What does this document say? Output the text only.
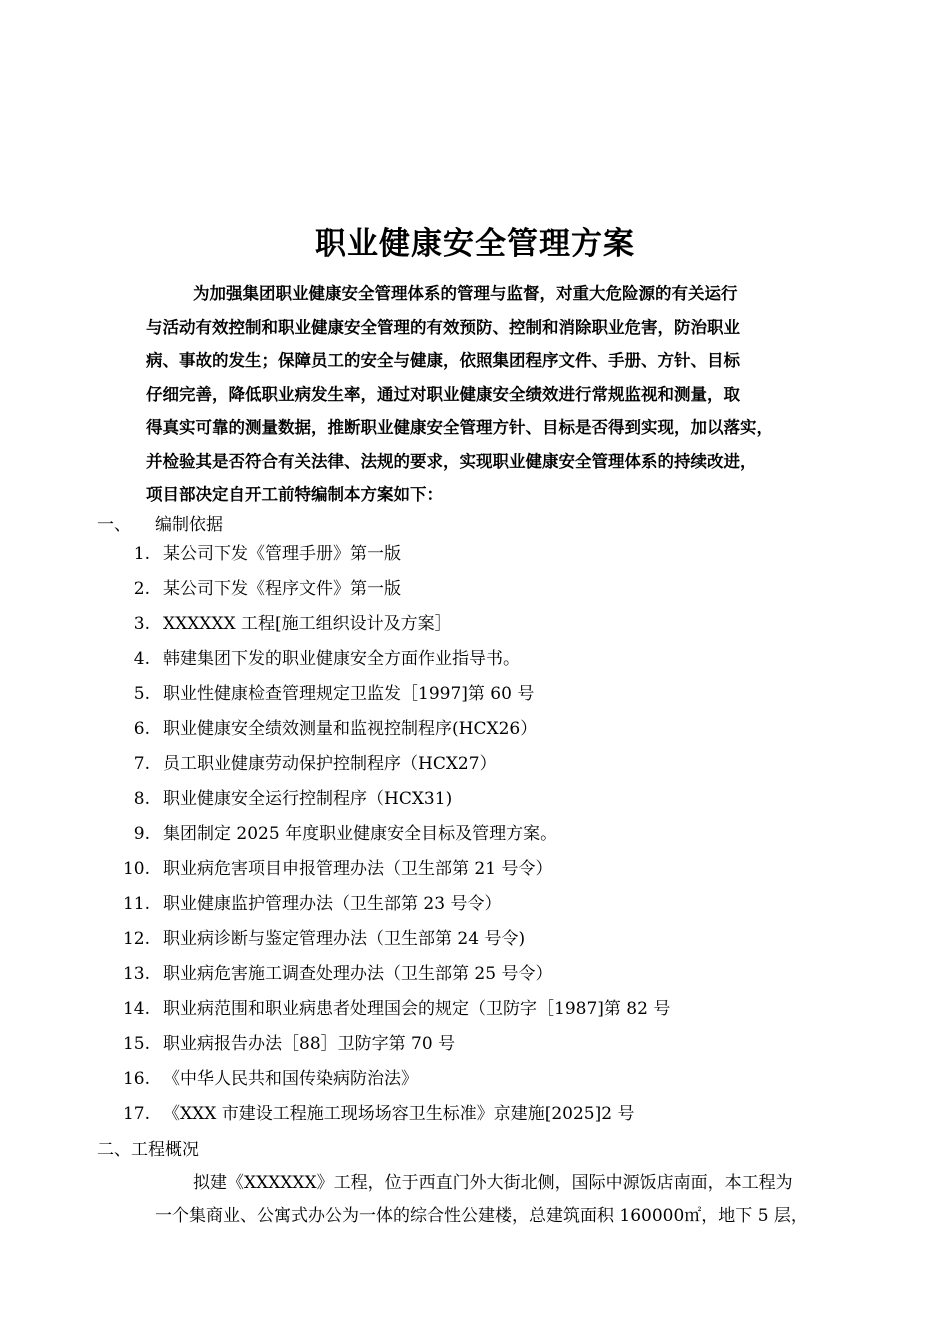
职业健康安全管理方案
为加强集团职业健康安全管理体系的管理与监督，对重大危险源的有关运行
与活动有效控制和职业健康安全管理的有效预防、控制和消除职业危害，防治职业
病、事故的发生；保障员工的安全与健康，依照集团程序文件、手册、方针、目标
仔细完善，降低职业病发生率，通过对职业健康安全绩效进行常规监视和测量，取
得真实可靠的测量数据，推断职业健康安全管理方针、目标是否得到实现，加以落实，
并检验其是否符合有关法律、法规的要求，实现职业健康安全管理体系的持续改进，
项目部决定自开工前特编制本方案如下：
一、 编制依据
1. 某公司下发《管理手册》第一版
2. 某公司下发《程序文件》第一版
3. XXXXXX 工程[施工组织设计及方案］
4. 韩建集团下发的职业健康安全方面作业指导书。
5. 职业性健康检查管理规定卫监发［1997]第 60 号
6. 职业健康安全绩效测量和监视控制程序(HCX26）
7. 员工职业健康劳动保护控制程序（HCX27）
8. 职业健康安全运行控制程序（HCX31)
9. 集团制定 2025 年度职业健康安全目标及管理方案。
10. 职业病危害项目申报管理办法（卫生部第 21 号令）
11. 职业健康监护管理办法（卫生部第 23 号令）
12. 职业病诊断与鉴定管理办法（卫生部第 24 号令)
13. 职业病危害施工调查处理办法（卫生部第 25 号令）
14. 职业病范围和职业病患者处理国会的规定（卫防字［1987]第 82 号
15. 职业病报告办法［88］卫防字第 70 号
16. 《中华人民共和国传染病防治法》
17. 《XXX 市建设工程施工现场场容卫生标准》京建施[2025]2 号
二、工程概况
拟建《XXXXXX》工程，位于西直门外大街北侧，国际中源饭店南面，本工程为
一个集商业、公寓式办公为一体的综合性公建楼，总建筑面积 160000㎡，地下 5 层，
